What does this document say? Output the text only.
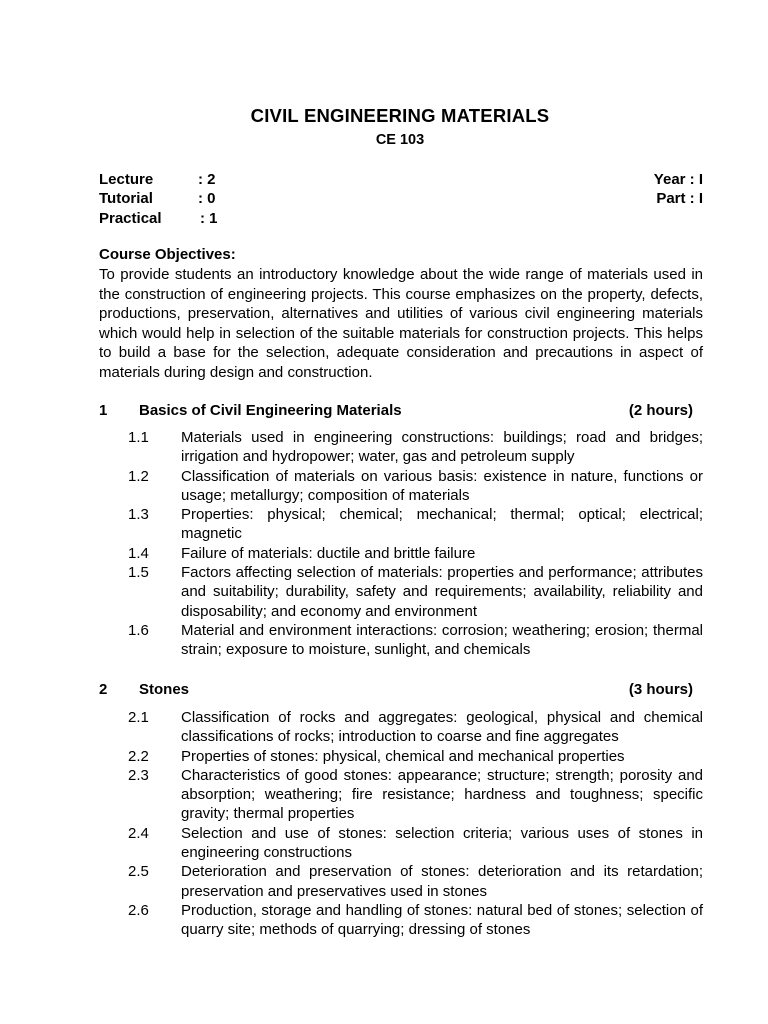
CIVIL ENGINEERING MATERIALS
CE 103
Lecture	: 2	Year : I
Tutorial	: 0	Part : I
Practical	: 1
Course Objectives:
To provide students an introductory knowledge about the wide range of materials used in the construction of engineering projects. This course emphasizes on the property, defects, productions, preservation, alternatives and utilities of various civil engineering materials which would help in selection of the suitable materials for construction projects. This helps to build a base for the selection, adequate consideration and precautions in aspect of materials during design and construction.
1 Basics of Civil Engineering Materials	(2 hours)
1.1 Materials used in engineering constructions: buildings; road and bridges; irrigation and hydropower; water, gas and petroleum supply
1.2 Classification of materials on various basis: existence in nature, functions or usage; metallurgy; composition of materials
1.3 Properties: physical; chemical; mechanical; thermal; optical; electrical; magnetic
1.4 Failure of materials: ductile and brittle failure
1.5 Factors affecting selection of materials: properties and performance; attributes and suitability; durability, safety and requirements; availability, reliability and disposability; and economy and environment
1.6 Material and environment interactions: corrosion; weathering; erosion; thermal strain; exposure to moisture, sunlight, and chemicals
2 Stones	(3 hours)
2.1 Classification of rocks and aggregates: geological, physical and chemical classifications of rocks; introduction to coarse and fine aggregates
2.2 Properties of stones: physical, chemical and mechanical properties
2.3 Characteristics of good stones: appearance; structure; strength; porosity and absorption; weathering; fire resistance; hardness and toughness; specific gravity; thermal properties
2.4 Selection and use of stones: selection criteria; various uses of stones in engineering constructions
2.5 Deterioration and preservation of stones: deterioration and its retardation; preservation and preservatives used in stones
2.6 Production, storage and handling of stones: natural bed of stones; selection of quarry site; methods of quarrying; dressing of stones
